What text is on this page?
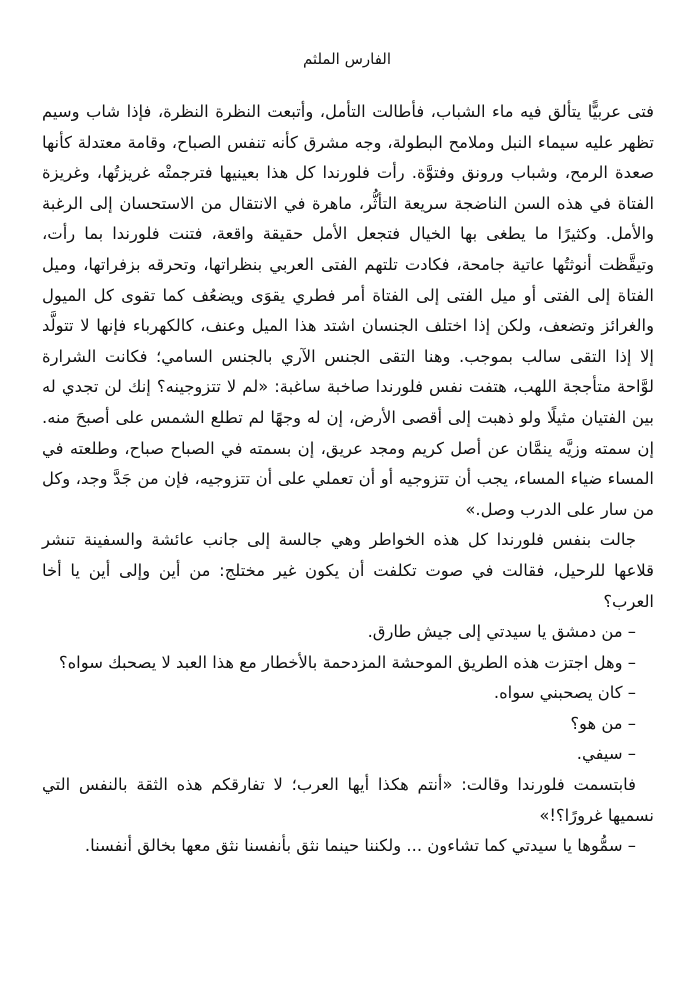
الفارس الملثم

فتى عربيًّا يتألق فيه ماء الشباب، فأطالت التأمل، وأتبعت النظرة النظرة، فإذا شاب وسيم تظهر عليه سيماء النبل وملامح البطولة، وجه مشرق كأنه تنفس الصباح، وقامة معتدلة كأنها صعدة الرمح، وشباب ورونق وفتوَّة. رأت فلورندا كل هذا بعينيها فترجمتْه غريزتُها، وغريزة الفتاة في هذه السن الناضجة سريعة التأثُّر، ماهرة في الانتقال من الاستحسان إلى الرغبة والأمل. وكثيرًا ما يطغى بها الخيال فتجعل الأمل حقيقة واقعة، فتنت فلورندا بما رأت، وتيقَّظت أنوثتُها عاتية جامحة، فكادت تلتهم الفتى العربي بنظراتها، وتحرقه بزفراتها، وميل الفتاة إلى الفتى أو ميل الفتى إلى الفتاة أمر فطري يقوَى ويضعُف كما تقوى كل الميول والغرائز وتضعف، ولكن إذا اختلف الجنسان اشتد هذا الميل وعنف، كالكهرباء فإنها لا تتولَّد إلا إذا التقى سالب بموجب. وهنا التقى الجنس الآري بالجنس السامي؛ فكانت الشرارة لوَّاحة متأججة اللهب، هتفت نفس فلورندا صاخبة ساغبة: «لم لا تتزوجينه؟ إنك لن تجدي له بين الفتيان مثيلًا ولو ذهبت إلى أقصى الأرض، إن له وجهًا لم تطلع الشمس على أصبحَ منه. إن سمته وزيَّه ينمَّان عن أصل كريم ومجد عريق، إن بسمته في الصباح صباح، وطلعته في المساء ضياء المساء، يجب أن تتزوجيه أو أن تعملي على أن تتزوجيه، فإن من جَدَّ وجد، وكل من سار على الدرب وصل.»

جالت بنفس فلورندا كل هذه الخواطر وهي جالسة إلى جانب عائشة والسفينة تنشر قلاعها للرحيل، فقالت في صوت تكلفت أن يكون غير مختلج: من أين وإلى أين يا أخا العرب؟

– من دمشق يا سيدتي إلى جيش طارق.

– وهل اجتزت هذه الطريق الموحشة المزدحمة بالأخطار مع هذا العبد لا يصحبك سواه؟

– كان يصحبني سواه.

– من هو؟

– سيفي.

فابتسمت فلورندا وقالت: «أنتم هكذا أيها العرب؛ لا تفارقكم هذه الثقة بالنفس التي نسميها غرورًا؟!»

– سمُّوها يا سيدتي كما تشاءون ... ولكننا حينما نثق بأنفسنا نثق معها بخالق أنفسنا.
